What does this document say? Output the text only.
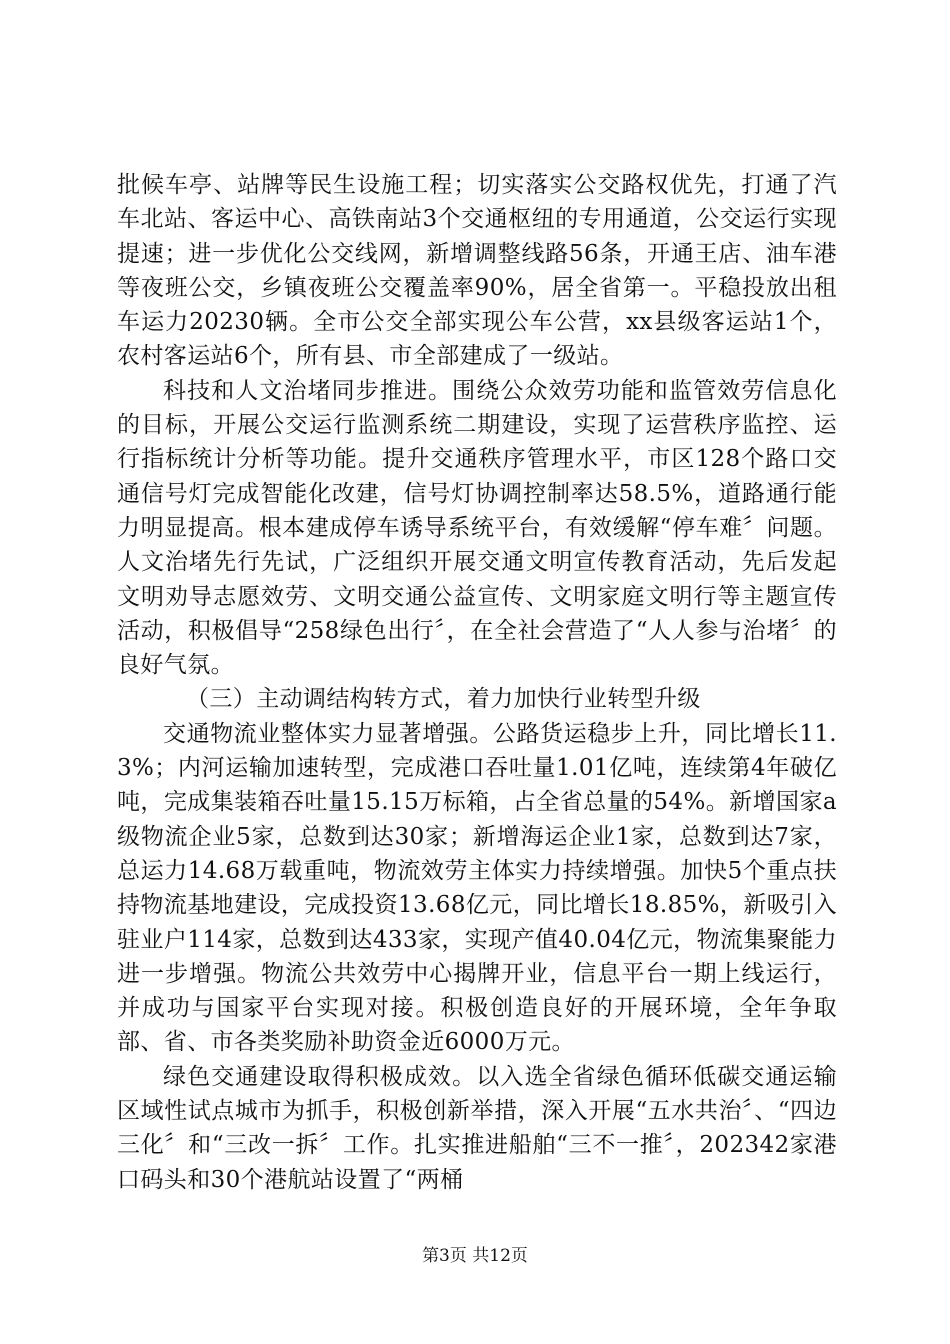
批候车亭、站牌等民生设施工程；切实落实公交路权优先，打通了汽车北站、客运中心、高铁南站3个交通枢纽的专用通道，公交运行实现提速；进一步优化公交线网，新增调整线路56条，开通王店、油车港等夜班公交，乡镇夜班公交覆盖率90%，居全省第一。平稳投放出租车运力20230辆。全市公交全部实现公车公营，xx县级客运站1个，农村客运站6个，所有县、市全部建成了一级站。

科技和人文治堵同步推进。围绕公众效劳功能和监管效劳信息化的目标，开展公交运行监测系统二期建设，实现了运营秩序监控、运行指标统计分析等功能。提升交通秩序管理水平，市区128个路口交通信号灯完成智能化改建，信号灯协调控制率达58.5%，道路通行能力明显提高。根本建成停车诱导系统平台，有效缓解“停车难〞问题。人文治堵先行先试，广泛组织开展交通文明宣传教育活动，先后发起文明劝导志愿效劳、文明交通公益宣传、文明家庭文明行等主题宣传活动，积极倡导“258绿色出行〞，在全社会营造了“人人参与治堵〞的良好气氛。

（三）主动调结构转方式，着力加快行业转型升级

交通物流业整体实力显著增强。公路货运稳步上升，同比增长11.3%；内河运输加速转型，完成港口吞吐量1.01亿吨，连续第4年破亿吨，完成集装箱吞吐量15.15万标箱，占全省总量的54%。新增国家a级物流企业5家，总数到达30家；新增海运企业1家，总数到达7家，总运力14.68万载重吨，物流效劳主体实力持续增强。加快5个重点扶持物流基地建设，完成投资13.68亿元，同比增长18.85%，新吸引入驻业户114家，总数到达433家，实现产值40.04亿元，物流集聚能力进一步增强。物流公共效劳中心揭牌开业，信息平台一期上线运行，并成功与国家平台实现对接。积极创造良好的开展环境，全年争取部、省、市各类奖励补助资金近6000万元。

绿色交通建设取得积极成效。以入选全省绿色循环低碳交通运输区域性试点城市为抓手，积极创新举措，深入开展“五水共治〞、“四边三化〞和“三改一拆〞工作。扎实推进船舶“三不一推〞，202342家港口码头和30个港航站设置了“两桶

第3页 共12页
